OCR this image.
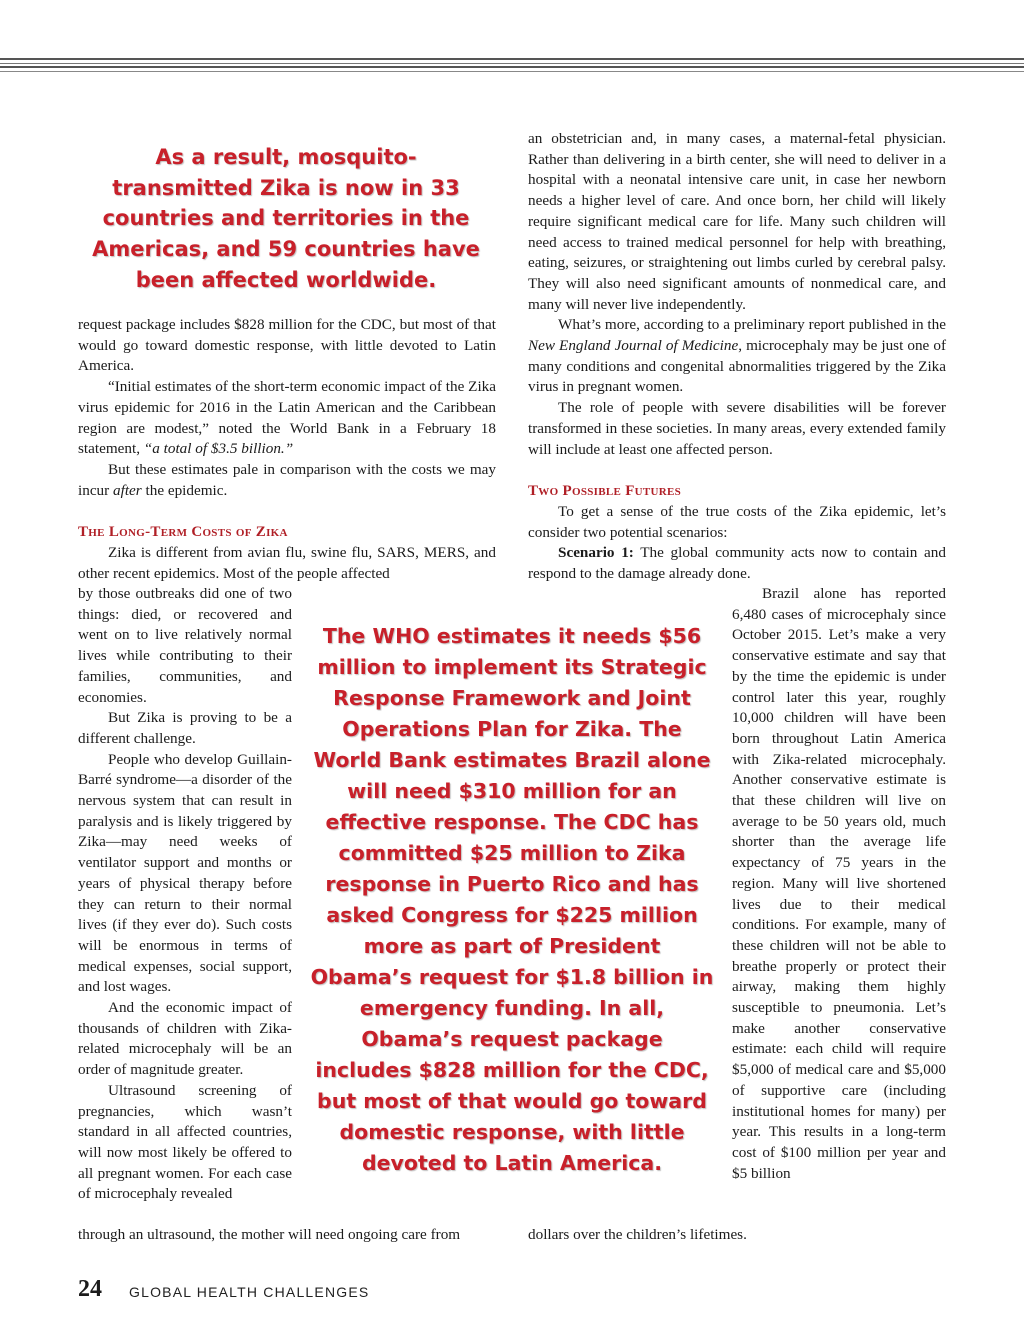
As a result, mosquito-transmitted Zika is now in 33 countries and territories in the Americas, and 59 countries have been affected worldwide.

request package includes $828 million for the CDC, but most of that would go toward domestic response, with little devoted to Latin America.

“Initial estimates of the short-term economic impact of the Zika virus epidemic for 2016 in the Latin American and the Caribbean region are modest,” noted the World Bank in a February 18 statement, “a total of $3.5 billion.”

But these estimates pale in comparison with the costs we may incur after the epidemic.

The Long-Term Costs of Zika

Zika is different from avian flu, swine flu, SARS, MERS, and other recent epidemics. Most of the people affected

by those outbreaks did one of two things: died, or recovered and went on to live relatively normal lives while contributing to their families, communities, and economies.

But Zika is proving to be a different challenge.

People who develop Guillain-Barré syndrome—a disorder of the nervous system that can result in paralysis and is likely triggered by Zika—may need weeks of ventilator support and months or years of physical therapy before they can return to their normal lives (if they ever do). Such costs will be enormous in terms of medical expenses, social support, and lost wages.

And the economic impact of thousands of children with Zika-related microcephaly will be an order of magnitude greater.

Ultrasound screening of pregnancies, which wasn’t standard in all affected countries, will now most likely be offered to all pregnant women. For each case of microcephaly revealed

through an ultrasound, the mother will need ongoing care from

The WHO estimates it needs $56 million to implement its Strategic Response Framework and Joint Operations Plan for Zika. The World Bank estimates Brazil alone will need $310 million for an effective response. The CDC has committed $25 million to Zika response in Puerto Rico and has asked Congress for $225 million more as part of President Obama’s request for $1.8 billion in emergency funding. In all, Obama’s request package includes $828 million for the CDC, but most of that would go toward domestic response, with little devoted to Latin America.

an obstetrician and, in many cases, a maternal-fetal physician. Rather than delivering in a birth center, she will need to deliver in a hospital with a neonatal intensive care unit, in case her newborn needs a higher level of care. And once born, her child will likely require significant medical care for life. Many such children will need access to trained medical personnel for help with breathing, eating, seizures, or straightening out limbs curled by cerebral palsy. They will also need significant amounts of nonmedical care, and many will never live independently.

What’s more, according to a preliminary report published in the New England Journal of Medicine, microcephaly may be just one of many conditions and congenital abnormalities triggered by the Zika virus in pregnant women.

The role of people with severe disabilities will be forever transformed in these societies. In many areas, every extended family will include at least one affected person.

Two Possible Futures

To get a sense of the true costs of the Zika epidemic, let’s consider two potential scenarios:

Scenario 1: The global community acts now to contain and respond to the damage already done.

Brazil alone has reported 6,480 cases of microcephaly since October 2015. Let’s make a very conservative estimate and say that by the time the epidemic is under control later this year, roughly 10,000 children will have been born throughout Latin America with Zika-related microcephaly. Another conservative estimate is that these children will live on average to be 50 years old, much shorter than the average life expectancy of 75 years in the region. Many will live shortened lives due to their medical conditions. For example, many of these children will not be able to breathe properly or protect their airway, making them highly susceptible to pneumonia. Let’s make another conservative estimate: each child will require $5,000 of medical care and $5,000 of supportive care (including institutional homes for many) per year. This results in a long-term cost of $100 million per year and $5 billion

dollars over the children’s lifetimes.

24 GLOBAL HEALTH CHALLENGES
